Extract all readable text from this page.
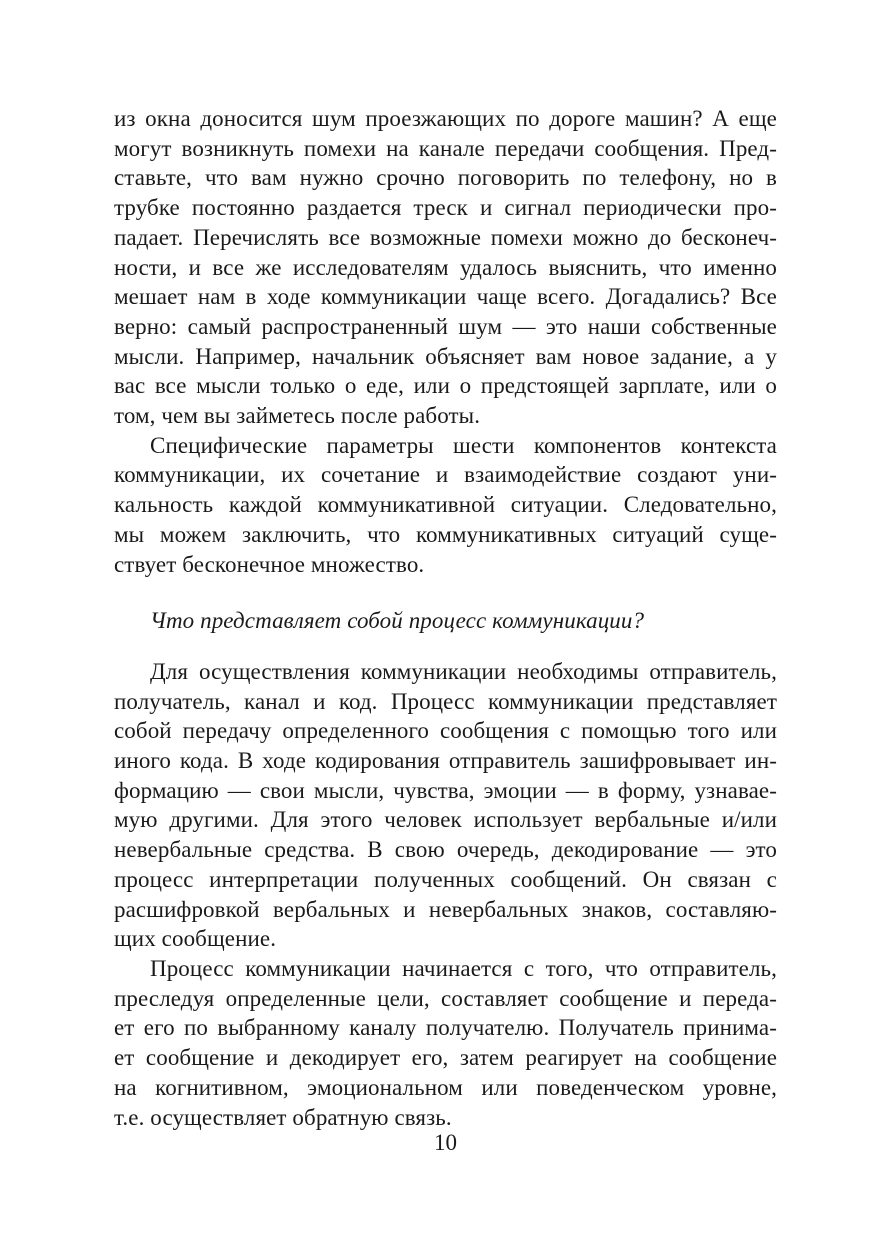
из окна доносится шум проезжающих по дороге машин? А еще
могут возникнуть помехи на канале передачи сообщения. Пред-
ставьте, что вам нужно срочно поговорить по телефону, но в
трубке постоянно раздается треск и сигнал периодически про-
падает. Перечислять все возможные помехи можно до бесконеч-
ности, и все же исследователям удалось выяснить, что именно
мешает нам в ходе коммуникации чаще всего. Догадались? Все
верно: самый распространенный шум — это наши собственные
мысли. Например, начальник объясняет вам новое задание, а у
вас все мысли только о еде, или о предстоящей зарплате, или о
том, чем вы займетесь после работы.
Специфические параметры шести компонентов контекста
коммуникации, их сочетание и взаимодействие создают уни-
кальность каждой коммуникативной ситуации. Следовательно,
мы можем заключить, что коммуникативных ситуаций суще-
ствует бесконечное множество.
Что представляет собой процесс коммуникации?
Для осуществления коммуникации необходимы отправитель,
получатель, канал и код. Процесс коммуникации представляет
собой передачу определенного сообщения с помощью того или
иного кода. В ходе кодирования отправитель зашифровывает ин-
формацию — свои мысли, чувства, эмоции — в форму, узнавае-
мую другими. Для этого человек использует вербальные и/или
невербальные средства. В свою очередь, декодирование — это
процесс интерпретации полученных сообщений. Он связан с
расшифровкой вербальных и невербальных знаков, составляю-
щих сообщение.
Процесс коммуникации начинается с того, что отправитель,
преследуя определенные цели, составляет сообщение и переда-
ет его по выбранному каналу получателю. Получатель принима-
ет сообщение и декодирует его, затем реагирует на сообщение
на когнитивном, эмоциональном или поведенческом уровне,
т.е. осуществляет обратную связь.
10
